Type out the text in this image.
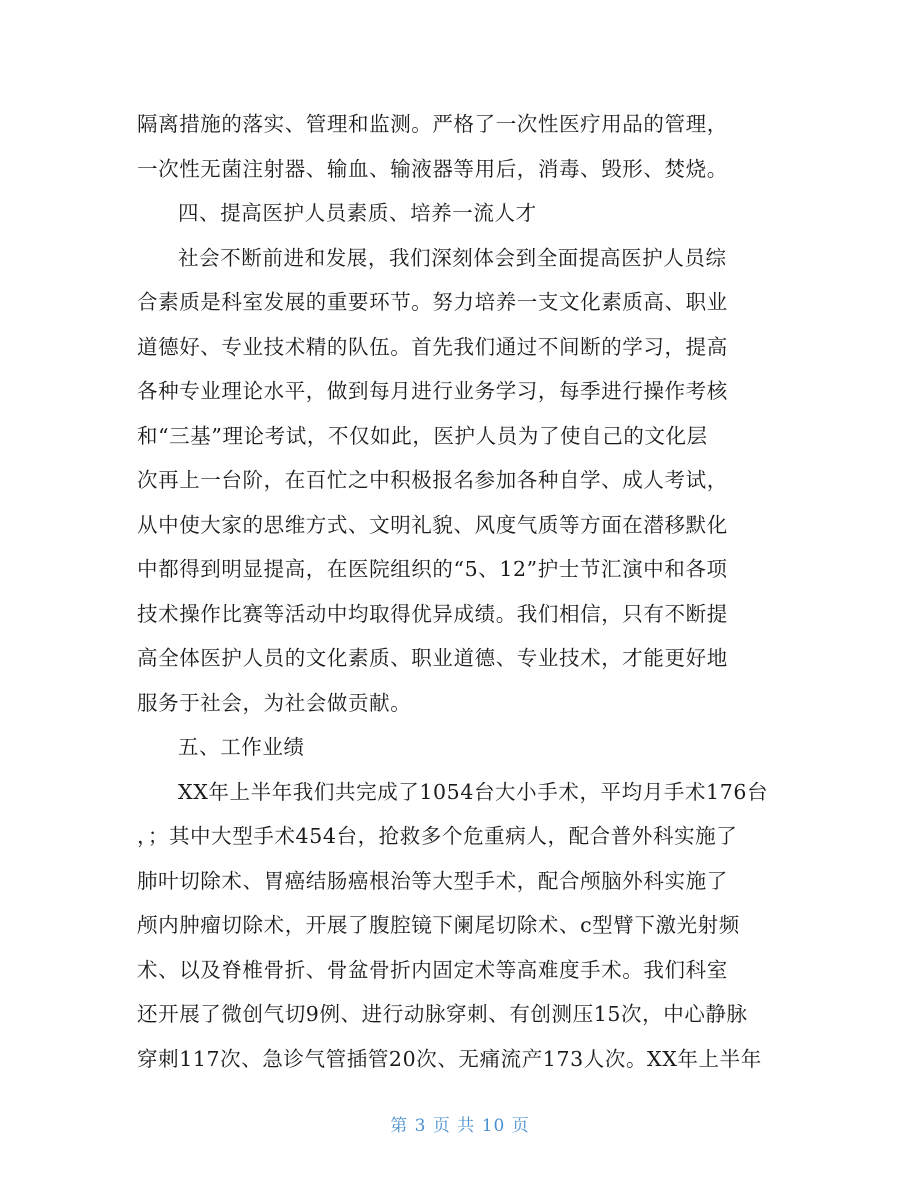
隔离措施的落实、管理和监测。严格了一次性医疗用品的管理，
一次性无菌注射器、输血、输液器等用后，消毒、毁形、焚烧。
四、提高医护人员素质、培养一流人才
社会不断前进和发展，我们深刻体会到全面提高医护人员综
合素质是科室发展的重要环节。努力培养一支文化素质高、职业
道德好、专业技术精的队伍。首先我们通过不间断的学习，提高
各种专业理论水平，做到每月进行业务学习，每季进行操作考核
和“三基”理论考试，不仅如此，医护人员为了使自己的文化层
次再上一台阶，在百忙之中积极报名参加各种自学、成人考试，
从中使大家的思维方式、文明礼貌、风度气质等方面在潜移默化
中都得到明显提高，在医院组织的“5、12”护士节汇演中和各项
技术操作比赛等活动中均取得优异成绩。我们相信，只有不断提
高全体医护人员的文化素质、职业道德、专业技术，才能更好地
服务于社会，为社会做贡献。
五、工作业绩
XX年上半年我们共完成了1054台大小手术，平均月手术176台
，；其中大型手术454台，抢救多个危重病人，配合普外科实施了
肺叶切除术、胃癌结肠癌根治等大型手术，配合颅脑外科实施了
颅内肿瘤切除术，开展了腹腔镜下阑尾切除术、c型臂下激光射频
术、以及脊椎骨折、骨盆骨折内固定术等高难度手术。我们科室
还开展了微创气切9例、进行动脉穿刺、有创测压15次，中心静脉
穿刺117次、急诊气管插管20次、无痛流产173人次。XX年上半年
第 3 页 共 10 页
